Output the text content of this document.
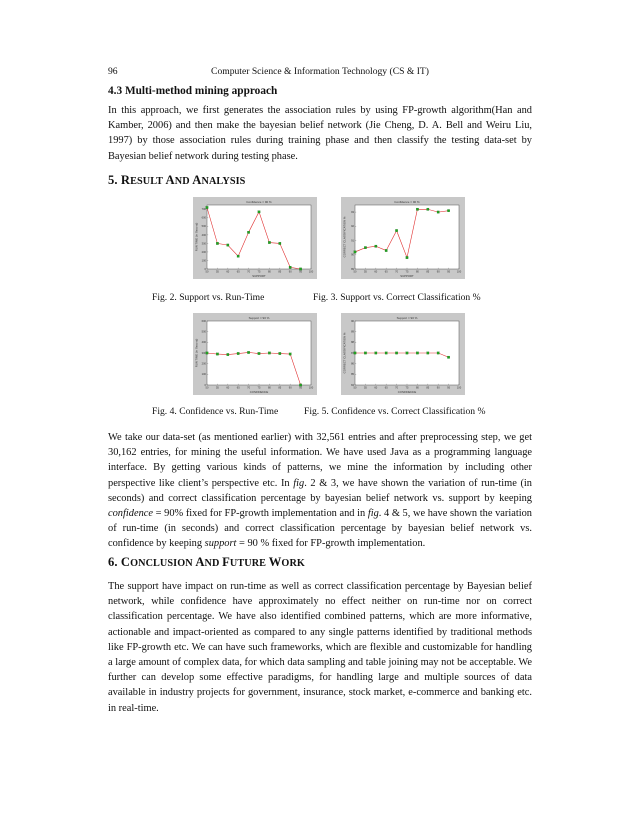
96	Computer Science & Information Technology (CS & IT)
4.3 Multi-method mining approach

In this approach, we first generates the association rules by using FP-growth algorithm(Han and Kamber, 2006) and then make the bayesian belief network (Jie Cheng, D. A. Bell and Weiru Liu, 1997) by those association rules during training phase and then classify the testing data-set by Bayesian belief network during testing phase.

5. RESULT AND ANALYSIS
Confidence = 90 %
50	55	60	65	70	75	80	85	90	95	100
0
100
200
300
400
500
600
700
SUPPORT
RUN TIME (in Second)
Confidence = 90 %
50	55	60	65	70	75	80	85	90	95	100
89
90
91
92
93
SUPPORT
CORRECT CLASSIFICATION %
Fig. 2. Support vs. Run-Time	Fig. 3. Support vs. Correct Classification %
Support = 90 %
50	55	60	65	70	75	80	85	90	95	100
0
100
200
300
400
500
600
CONFIDENCE
RUN TIME (in Second)
Support = 90 %
50	55	60	65	70	75	80	85	90	95	100
84
85
86
87
88
89
90
CONFIDENCE
CORRECT CLASSIFICATION %
Fig. 4. Confidence vs. Run-Time	Fig. 5. Confidence vs. Correct Classification %

We take our data-set (as mentioned earlier) with 32,561 entries and after preprocessing step, we get 30,162 entries, for mining the useful information. We have used Java as a programming language interface. By getting various kinds of patterns, we mine the information by including other perspective like client’s perspective etc. In fig. 2 & 3, we have shown the variation of run-time (in seconds) and correct classification percentage by bayesian belief network vs. support by keeping confidence = 90% fixed for FP-growth implementation and in fig. 4 & 5, we have shown the variation of run-time (in seconds) and correct classification percentage by bayesian belief network vs. confidence by keeping support = 90 % fixed for FP-growth implementation.

6. CONCLUSION AND FUTURE WORK

The support have impact on run-time as well as correct classification percentage by Bayesian belief network, while confidence have approximately no effect neither on run-time nor on correct classification percentage. We have also identified combined patterns, which are more informative, actionable and impact-oriented as compared to any single patterns identified by traditional methods like FP-growth etc. We can have such frameworks, which are flexible and customizable for handling a large amount of complex data, for which data sampling and table joining may not be acceptable. We further can develop some effective paradigms, for handling large and multiple sources of data available in industry projects for government, insurance, stock market, e-commerce and banking etc. in real-time.
